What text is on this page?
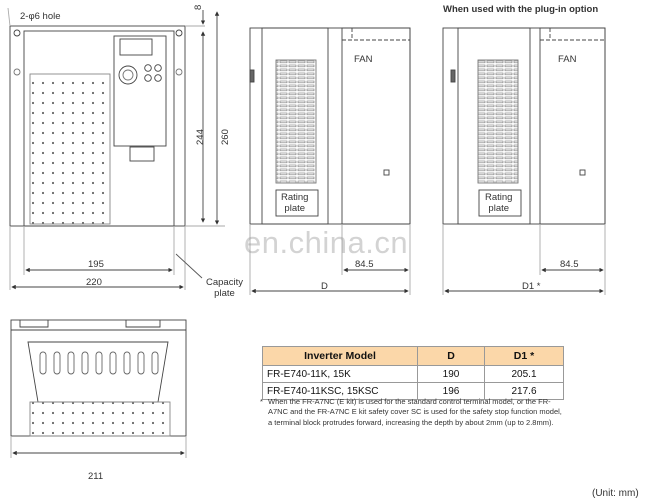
When used with the plug-in option
2-φ6 hole
8
244 260
195
220	Capacity
plate
FAN
Rating
plate
84.5
D
FAN
Rating
plate
84.5
D1 *
211
en.china.cn
Inverter Model	D	D1 *
FR-E740-11K, 15K	190	205.1
FR-E740-11KSC, 15KSC	196	217.6
* When the FR-A7NC (E kit) is used for the standard control terminal model, or the FR-A7NC and the FR-A7NC E kit safety cover SC is used for the safety stop function model, a terminal block protrudes forward, increasing the depth by about 2mm (up to 2.8mm).
(Unit: mm)
